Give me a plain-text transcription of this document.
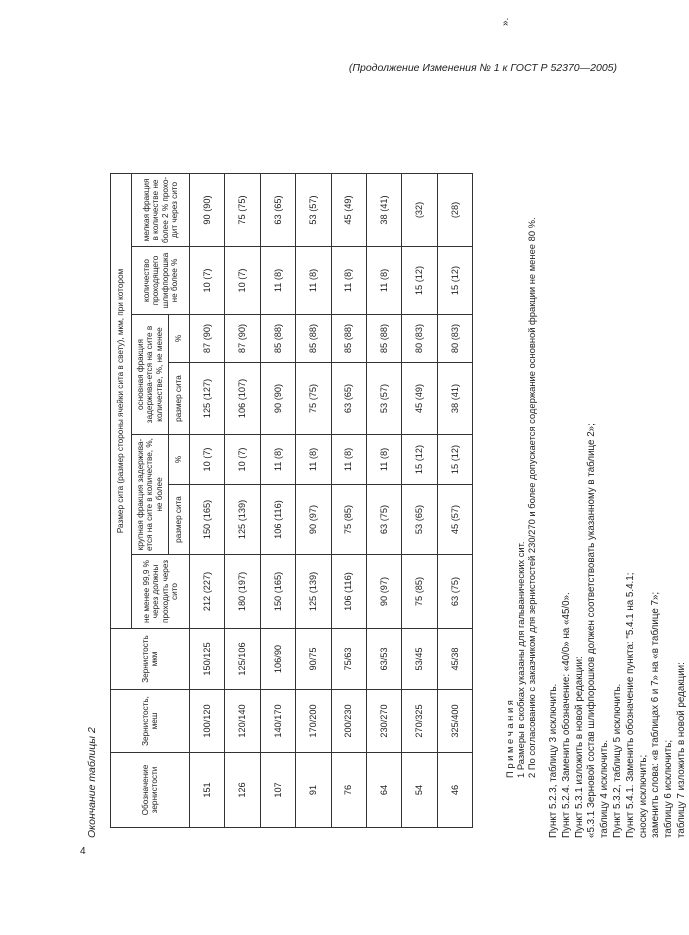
(Продолжение Изменения № 1 к ГОСТ Р 52370—2005)
4
Окончание таблицы 2	Обозначение зернистости	Зернистость, меш	Зернистость мкм	Размер сита (размер стороны ячейки сита в свету), мкм, при котором						
			не менее 99,9 % через должны проходить через сито	крупная фракция задержива-ется на сите в количестве, %, не более		основная фракция задержива-ется на сите в количестве, %, не менее		количество проходящего шлифпорошка не более %	мелкая фракция в количестве не более 2 % прохо-дит через сито
				размер сита	%	размер сита	%		
151	100/120	150/125	212 (227)	150 (165)	10 (7)	125 (127)	87 (90)	10 (7)	90 (90)
126	120/140	125/106	180 (197)	125 (139)	10 (7)	106 (107)	87 (90)	10 (7)	75 (75)
107	140/170	106/90	150 (165)	106 (116)	11 (8)	90 (90)	85 (88)	11 (8)	63 (65)
91	170/200	90/75	125 (139)	90 (97)	11 (8)	75 (75)	85 (88)	11 (8)	53 (57)
76	200/230	75/63	106 (116)	75 (85)	11 (8)	63 (65)	85 (88)	11 (8)	45 (49)
64	230/270	63/53	90 (97)	63 (75)	11 (8)	53 (57)	85 (88)	11 (8)	38 (41)
54	270/325	53/45	75 (85)	53 (65)	15 (12)	45 (49)	80 (83)	15 (12)	(32)
46	325/400	45/38	63 (75)	45 (57)	15 (12)	38 (41)	80 (83)	15 (12)	(28)
П р и м е ч а н и я 1 Размеры в скобках указаны для гальванических сит. 2 По согласованию с заказчиком для зернистостей 230/270 и более допускается содержание основной фракции не менее 80 %.
».
Пункт 5.2.3, таблицу 3 исключить. Пункт 5.2.4. Заменить обозначение: «40/0» на «45/0». Пункт 5.3.1 изложить в новой редакции: «5.3.1 Зерновой состав шлифпорошков должен соответствовать указанному в таблице 2»; таблицу 4 исключить. Пункт 5.3.2, таблицу 5 исключить. Пункт 5.4.1. Заменить обозначение пункта: "5.4.1 на 5.4.1; сноску исключить; заменить слова: «в таблицах 6 и 7» на «в таблице 7»; таблицу 6 исключить; таблицу 7 изложить в новой редакции:
